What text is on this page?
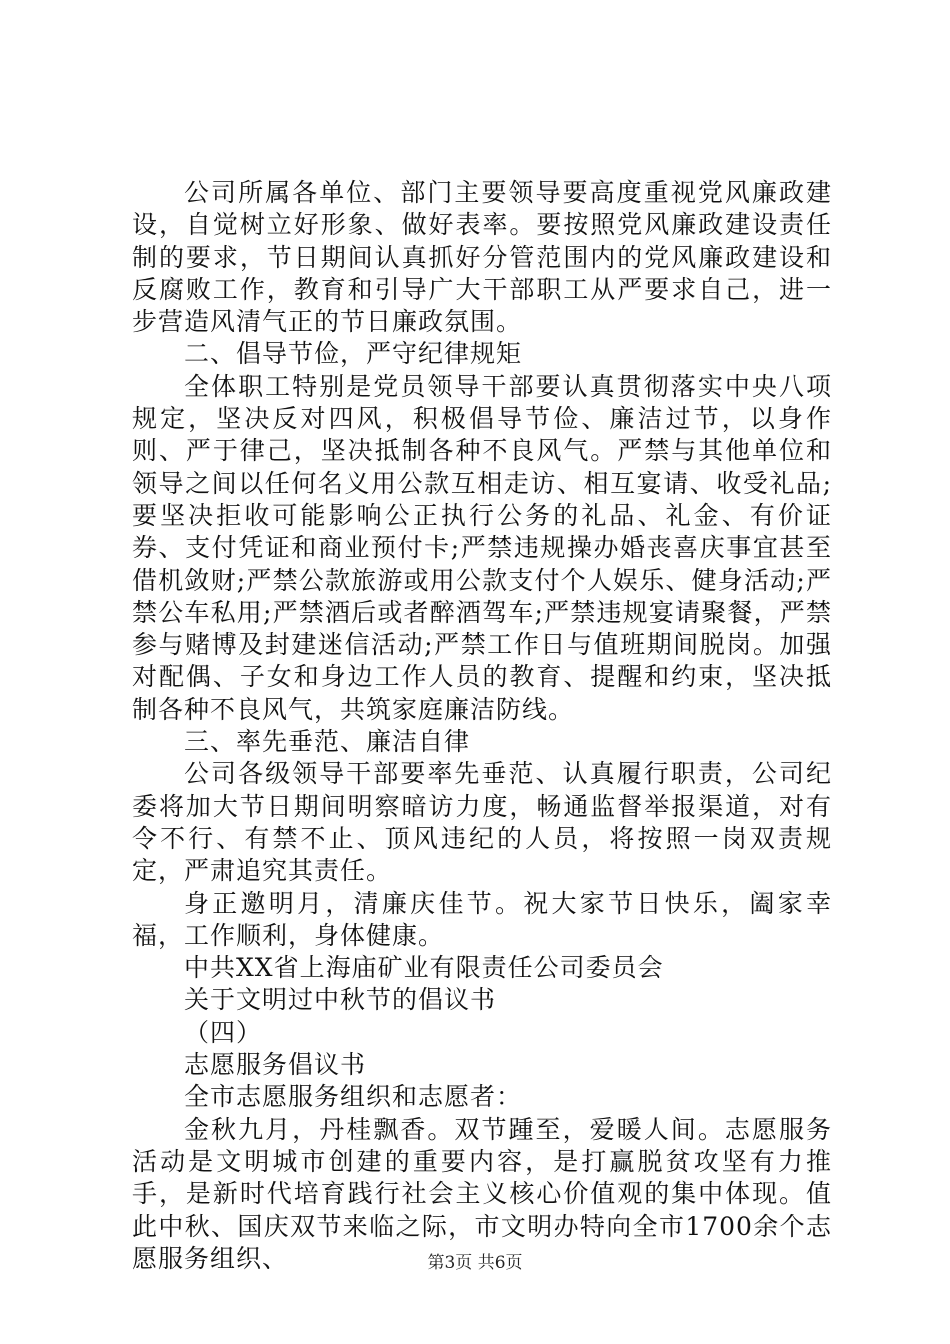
公司所属各单位、部门主要领导要高度重视党风廉政建设，自觉树立好形象、做好表率。要按照党风廉政建设责任制的要求，节日期间认真抓好分管范围内的党风廉政建设和反腐败工作，教育和引导广大干部职工从严要求自己，进一步营造风清气正的节日廉政氛围。

二、倡导节俭，严守纪律规矩

全体职工特别是党员领导干部要认真贯彻落实中央八项规定，坚决反对四风，积极倡导节俭、廉洁过节，以身作则、严于律己，坚决抵制各种不良风气。严禁与其他单位和领导之间以任何名义用公款互相走访、相互宴请、收受礼品;要坚决拒收可能影响公正执行公务的礼品、礼金、有价证券、支付凭证和商业预付卡;严禁违规操办婚丧喜庆事宜甚至借机敛财;严禁公款旅游或用公款支付个人娱乐、健身活动;严禁公车私用;严禁酒后或者醉酒驾车;严禁违规宴请聚餐，严禁参与赌博及封建迷信活动;严禁工作日与值班期间脱岗。加强对配偶、子女和身边工作人员的教育、提醒和约束，坚决抵制各种不良风气，共筑家庭廉洁防线。

三、率先垂范、廉洁自律

公司各级领导干部要率先垂范、认真履行职责，公司纪委将加大节日期间明察暗访力度，畅通监督举报渠道，对有令不行、有禁不止、顶风违纪的人员，将按照一岗双责规定，严肃追究其责任。

身正邀明月，清廉庆佳节。祝大家节日快乐，阖家幸福，工作顺利，身体健康。

中共XX省上海庙矿业有限责任公司委员会

关于文明过中秋节的倡议书

（四）

志愿服务倡议书

全市志愿服务组织和志愿者：

金秋九月，丹桂飘香。双节踵至，爱暖人间。志愿服务活动是文明城市创建的重要内容，是打赢脱贫攻坚有力推手，是新时代培育践行社会主义核心价值观的集中体现。值此中秋、国庆双节来临之际，市文明办特向全市1700余个志愿服务组织、	第3页 共6页
